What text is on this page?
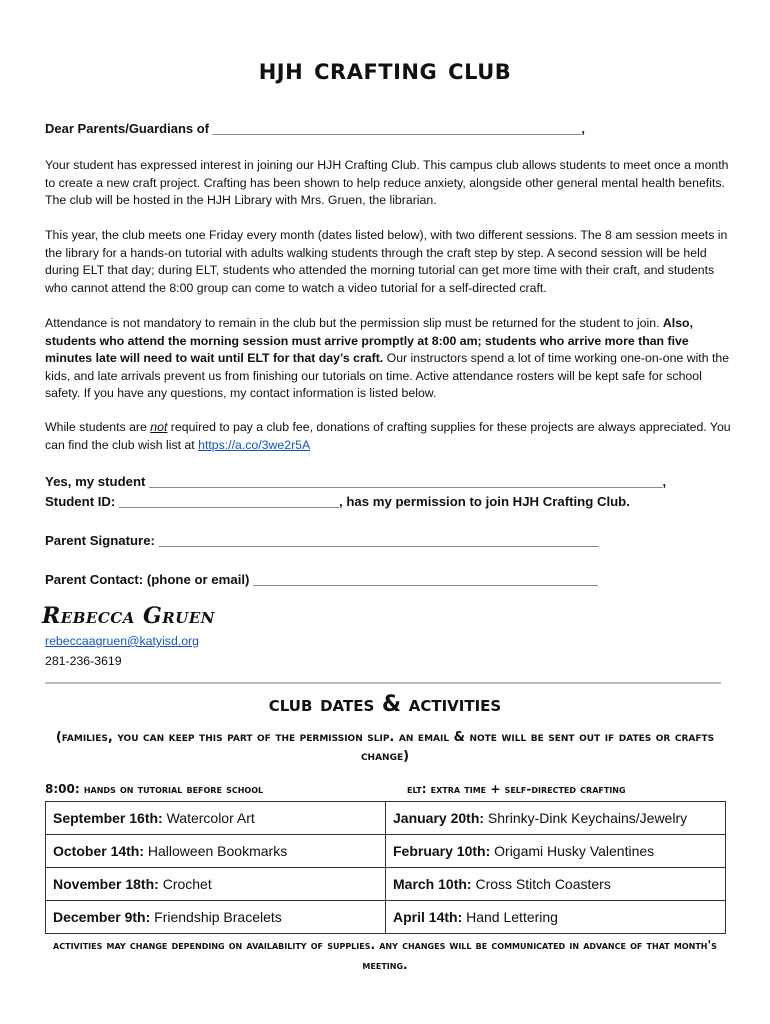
hjh crafting club
Dear Parents/Guardians of ___________________________________________________,
Your student has expressed interest in joining our HJH Crafting Club. This campus club allows students to meet once a month to create a new craft project. Crafting has been shown to help reduce anxiety, alongside other general mental health benefits. The club will be hosted in the HJH Library with Mrs. Gruen, the librarian.
This year, the club meets one Friday every month (dates listed below), with two different sessions. The 8 am session meets in the library for a hands-on tutorial with adults walking students through the craft step by step. A second session will be held during ELT that day; during ELT, students who attended the morning tutorial can get more time with their craft, and students who cannot attend the 8:00 group can come to watch a video tutorial for a self-directed craft.
Attendance is not mandatory to remain in the club but the permission slip must be returned for the student to join. Also, students who attend the morning session must arrive promptly at 8:00 am; students who arrive more than five minutes late will need to wait until ELT for that day’s craft. Our instructors spend a lot of time working one-on-one with the kids, and late arrivals prevent us from finishing our tutorials on time. Active attendance rosters will be kept safe for school safety. If you have any questions, my contact information is listed below.
While students are not required to pay a club fee, donations of crafting supplies for these projects are always appreciated. You can find the club wish list at https://a.co/3we2r5A
Yes, my student ______________________________________________________________________,
Student ID: ______________________________, has my permission to join HJH Crafting Club.
Parent Signature: ____________________________________________________________
Parent Contact: (phone or email) _______________________________________________
Rebecca Gruen
rebeccaagruen@katyisd.org
281-236-3619
club dates & activities
(families, you can keep this part of the permission slip. an email & note will be sent out if dates or crafts change)
8:00: hands on tutorial before school	elt: extra time + self-directed crafting
September 16th: Watercolor Art	January 20th: Shrinky-Dink Keychains/Jewelry
October 14th: Halloween Bookmarks	February 10th: Origami Husky Valentines
November 18th: Crochet	March 10th: Cross Stitch Coasters
December 9th: Friendship Bracelets	April 14th: Hand Lettering
activities may change depending on availability of supplies. any changes will be communicated in advance of that month's meeting.
